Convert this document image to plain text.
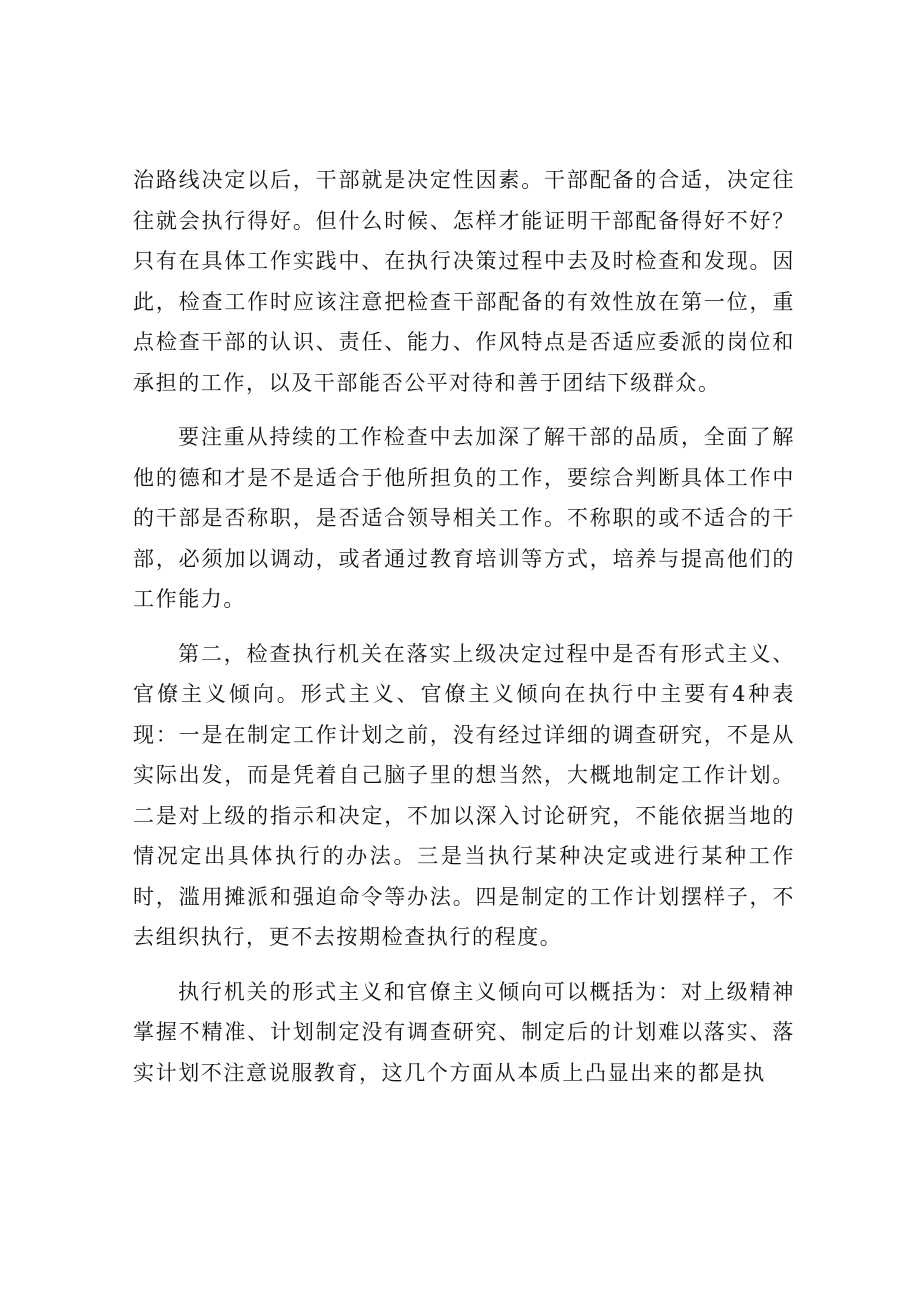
治路线决定以后，干部就是决定性因素。干部配备的合适，决定往往就会执行得好。但什么时候、怎样才能证明干部配备得好不好？只有在具体工作实践中、在执行决策过程中去及时检查和发现。因此，检查工作时应该注意把检查干部配备的有效性放在第一位，重点检查干部的认识、责任、能力、作风特点是否适应委派的岗位和承担的工作，以及干部能否公平对待和善于团结下级群众。

要注重从持续的工作检查中去加深了解干部的品质，全面了解他的德和才是不是适合于他所担负的工作，要综合判断具体工作中的干部是否称职，是否适合领导相关工作。不称职的或不适合的干部，必须加以调动，或者通过教育培训等方式，培养与提高他们的工作能力。

第二，检查执行机关在落实上级决定过程中是否有形式主义、官僚主义倾向。形式主义、官僚主义倾向在执行中主要有4种表现：一是在制定工作计划之前，没有经过详细的调查研究，不是从实际出发，而是凭着自己脑子里的想当然，大概地制定工作计划。二是对上级的指示和决定，不加以深入讨论研究，不能依据当地的情况定出具体执行的办法。三是当执行某种决定或进行某种工作时，滥用摊派和强迫命令等办法。四是制定的工作计划摆样子，不去组织执行，更不去按期检查执行的程度。

执行机关的形式主义和官僚主义倾向可以概括为：对上级精神掌握不精准、计划制定没有调查研究、制定后的计划难以落实、落实计划不注意说服教育，这几个方面从本质上凸显出来的都是执
